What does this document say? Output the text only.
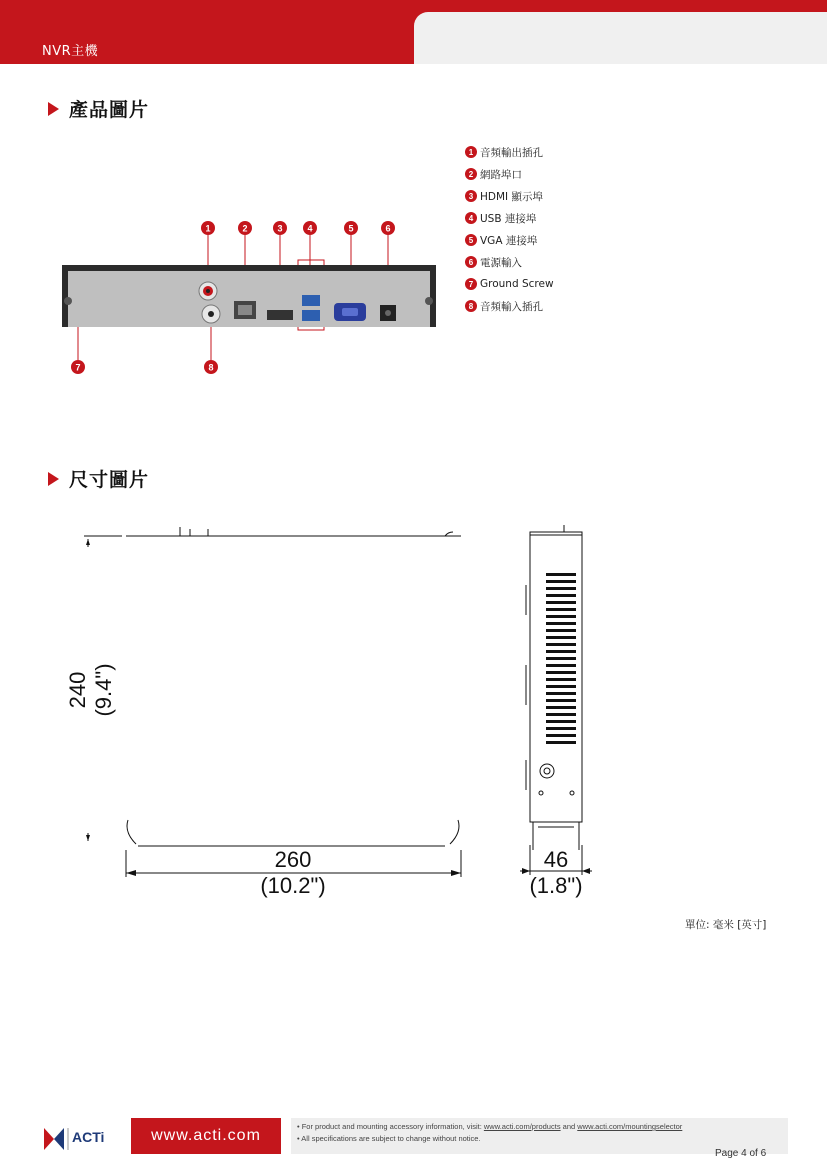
NVR主機
產品圖片
1	2	3	4	5	6
7	8
1 音頻輸出插孔
2 網路埠口
3 HDMI 顯示埠
4 USB 連接埠
5 VGA 連接埠
6 電源輸入
7 Ground Screw
8 音頻輸入插孔
尺寸圖片
240 (9.4")
260
(10.2")
46
(1.8")
單位: 毫米 [英寸]
ACTi	www.acti.com
• For product and mounting accessory information, visit: www.acti.com/products and www.acti.com/mountingselector
• All specifications are subject to change without notice.
Page 4 of 6
